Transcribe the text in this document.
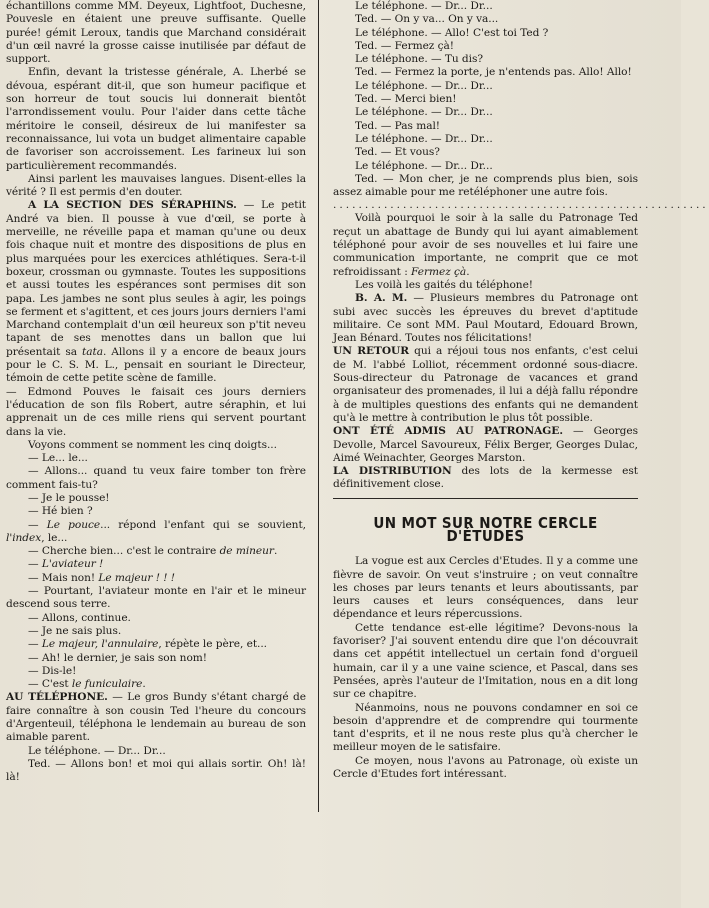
échantillons comme MM. Deyeux, Lightfoot, Duchesne, Pouvesle en étaient une preuve suffisante. Quelle purée! gémit Leroux, tandis que Marchand considérait d'un œil navré la grosse caisse inutilisée par défaut de support.

Enfin, devant la tristesse générale, A. Lherbé se dévoua, espérant dit-il, que son humeur pacifique et son horreur de tout soucis lui donnerait bientôt l'arrondissement voulu. Pour l'aider dans cette tâche méritoire le conseil, désireux de lui manifester sa reconnaissance, lui vota un budget alimentaire capable de favoriser son accroissement. Les farineux lui son particulièrement recommandés.

Ainsi parlent les mauvaises langues. Disent-elles la vérité ? Il est permis d'en douter.

A LA SECTION DES SÉRAPHINS. — Le petit André va bien. Il pousse à vue d'œil, se porte à merveille, ne réveille papa et maman qu'une ou deux fois chaque nuit et montre des dispositions de plus en plus marquées pour les exercices athlétiques. Sera-t-il boxeur, crossman ou gymnaste. Toutes les suppositions et aussi toutes les espérances sont permises dit son papa. Les jambes ne sont plus seules à agir, les poings se ferment et s'agittent, et ces jours jours derniers l'ami Marchand contemplait d'un œil heureux son p'tit neveu tapant de ses menottes dans un ballon que lui présentait sa tata. Allons il y a encore de beaux jours pour le C. S. M. L., pensait en souriant le Directeur, témoin de cette petite scène de famille.

— Edmond Pouves le faisait ces jours derniers l'éducation de son fils Robert, autre séraphin, et lui apprenait un de ces mille riens qui servent pourtant dans la vie.

Voyons comment se nomment les cinq doigts...

— Le... le...

— Allons... quand tu veux faire tomber ton frère comment fais-tu?

— Je le pousse!

— Hé bien ?

— Le pouce... répond l'enfant qui se souvient, l'index, le...

— Cherche bien... c'est le contraire de mineur.

— L'aviateur !

— Mais non! Le majeur ! ! !

— Pourtant, l'aviateur monte en l'air et le mineur descend sous terre.

— Allons, continue.

— Je ne sais plus.

— Le majeur, l'annulaire, répète le père, et...

— Ah! le dernier, je sais son nom!

— Dis-le!

— C'est le funiculaire.

AU TÉLÉPHONE. — Le gros Bundy s'étant chargé de faire connaître à son cousin Ted l'heure du concours d'Argenteuil, téléphona le lendemain au bureau de son aimable parent.

Le téléphone. — Dr... Dr...

Ted. — Allons bon! et moi qui allais sortir. Oh! là! là!

Le téléphone. — Dr... Dr...

Ted. — On y va... On y va...

Le téléphone. — Allo! C'est toi Ted ?

Ted. — Fermez çà!

Le téléphone. — Tu dis?

Ted. — Fermez la porte, je n'entends pas. Allo! Allo!

Le téléphone. — Dr... Dr...

Ted. — Merci bien!

Le téléphone. — Dr... Dr...

Ted. — Pas mal!

Le téléphone. — Dr... Dr...

Ted. — Et vous?

Le téléphone. — Dr... Dr...

Ted. — Mon cher, je ne comprends plus bien, sois assez aimable pour me retéléphoner une autre fois.

...........................................................

Voilà pourquoi le soir à la salle du Patronage Ted reçut un abattage de Bundy qui lui ayant aimablement téléphoné pour avoir de ses nouvelles et lui faire une communication importante, ne comprit que ce mot refroidissant : Fermez çà.

Les voilà les gaités du téléphone!

B. A. M. — Plusieurs membres du Patronage ont subi avec succès les épreuves du brevet d'aptitude militaire. Ce sont MM. Paul Moutard, Edouard Brown, Jean Bénard. Toutes nos félicitations!

UN RETOUR qui a réjoui tous nos enfants, c'est celui de M. l'abbé Lolliot, récemment ordonné sous-diacre. Sous-directeur du Patronage de vacances et grand organisateur des promenades, il lui a déjà fallu répondre à de multiples questions des enfants qui ne demandent qu'à le mettre à contribution le plus tôt possible.

ONT ÉTÉ ADMIS AU PATRONAGE. — Georges Devolle, Marcel Savoureux, Félix Berger, Georges Dulac, Aimé Weinachter, Georges Marston.

LA DISTRIBUTION des lots de la kermesse est définitivement close.

UN MOT SUR NOTRE CERCLE D'ÉTUDES

La vogue est aux Cercles d'Etudes. Il y a comme une fièvre de savoir. On veut s'instruire ; on veut connaître les choses par leurs tenants et leurs aboutissants, par leurs causes et leurs conséquences, dans leur dépendance et leurs répercussions.

Cette tendance est-elle légitime? Devons-nous la favoriser? J'ai souvent entendu dire que l'on découvrait dans cet appétit intellectuel un certain fond d'orgueil humain, car il y a une vaine science, et Pascal, dans ses Pensées, après l'auteur de l'Imitation, nous en a dit long sur ce chapitre.

Néanmoins, nous ne pouvons condamner en soi ce besoin d'apprendre et de comprendre qui tourmente tant d'esprits, et il ne nous reste plus qu'à chercher le meilleur moyen de le satisfaire.

Ce moyen, nous l'avons au Patronage, où existe un Cercle d'Etudes fort intéressant.
